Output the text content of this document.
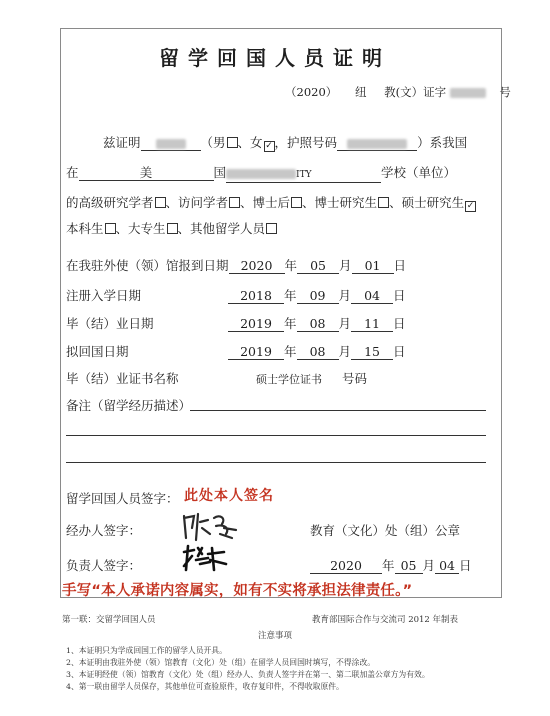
留学回国人员证明
（2020） 纽 教(文）证字	号
兹证明	（男 、女 ✓ ，护照号码	）系我国
在	美	国	ITY	学校（单位）
的高级研究学者 、访问学者 、博士后 、博士研究生 、硕士研究生 ✓
本科生 、大专生 、其他留学人员
在我驻外使（领）馆报到日期 2020 年 05 月 01 日
注册入学日期	2018 年 09 月 04 日
毕（结）业日期	2019 年 08 月 11 日
拟回国日期	2019 年 08 月 15 日
毕（结）业证书名称	硕士学位证书 号码
备注（留学经历描述）
留学回国人员签字： 此处本人签名
经办人签字：	教育（文化）处（组）公章
负责人签字：	2020 年 05 月 04 日
手写“本人承诺内容属实，如有不实将承担法律责任。”
第一联：交留学回国人员	教育部国际合作与交流司 2012 年制表
注意事项
1、本证明只为学成回国工作的留学人员开具。
2、本证明由我驻外使（领）馆教育（文化）处（组）在留学人员回国时填写，不得涂改。
3、本证明经使（领）馆教育（文化）处（组）经办人、负责人签字并在第一、第二联加盖公章方为有效。
4、第一联由留学人员保存，其他单位可查验原件，收存复印件，不得收取原件。
